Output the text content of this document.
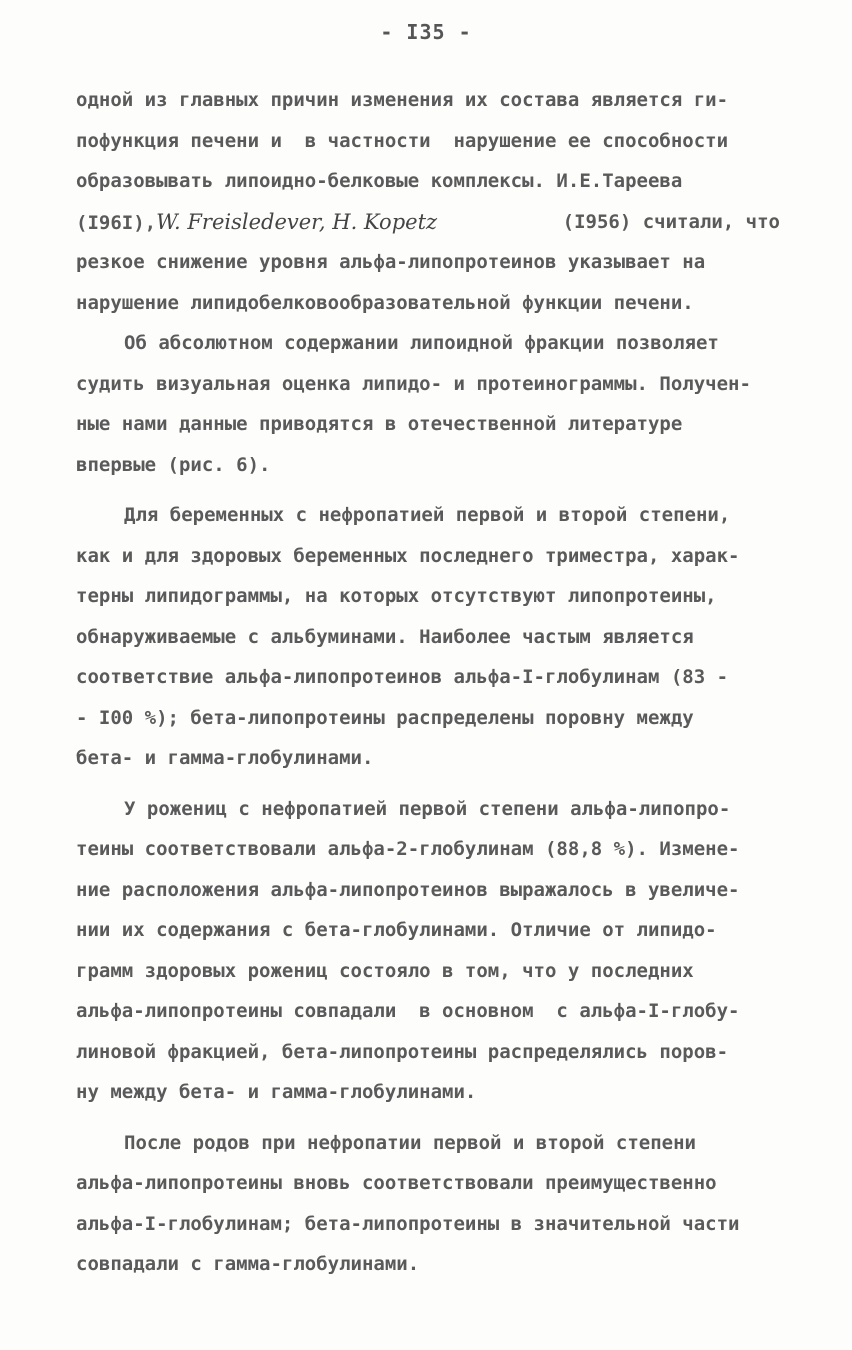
- I35 -
одной из главных причин изменения их состава является ги-
пофункция печени и  в частности  нарушение ее способности
образовывать липоидно-белковые комплексы. И.Е.Тареева
(I96I),W. Freisledever, H. Kopetz	(I956) считали, что
резкое снижение уровня альфа-липопротеинов указывает на
нарушение липидобелковообразовательной функции печени.
Об абсолютном содержании липоидной фракции позволяет
судить визуальная оценка липидо- и протеинограммы. Получен-
ные нами данные приводятся в отечественной литературе
впервые (рис. 6).
Для беременных с нефропатией первой и второй степени,
как и для здоровых беременных последнего триместра, харак-
терны липидограммы, на которых отсутствуют липопротеины,
обнаруживаемые с альбуминами. Наиболее частым является
соответствие альфа-липопротеинов альфа-I-глобулинам (83 -
- I00 %); бета-липопротеины распределены поровну между
бета- и гамма-глобулинами.
У рожениц с нефропатией первой степени альфа-липопро-
теины соответствовали альфа-2-глобулинам (88,8 %). Измене-
ние расположения альфа-липопротеинов выражалось в увеличе-
нии их содержания с бета-глобулинами. Отличие от липидо-
грамм здоровых рожениц состояло в том, что у последних
альфа-липопротеины совпадали  в основном  с альфа-I-глобу-
линовой фракцией, бета-липопротеины распределялись поров-
ну между бета- и гамма-глобулинами.
После родов при нефропатии первой и второй степени
альфа-липопротеины вновь соответствовали преимущественно
альфа-I-глобулинам; бета-липопротеины в значительной части
совпадали с гамма-глобулинами.
